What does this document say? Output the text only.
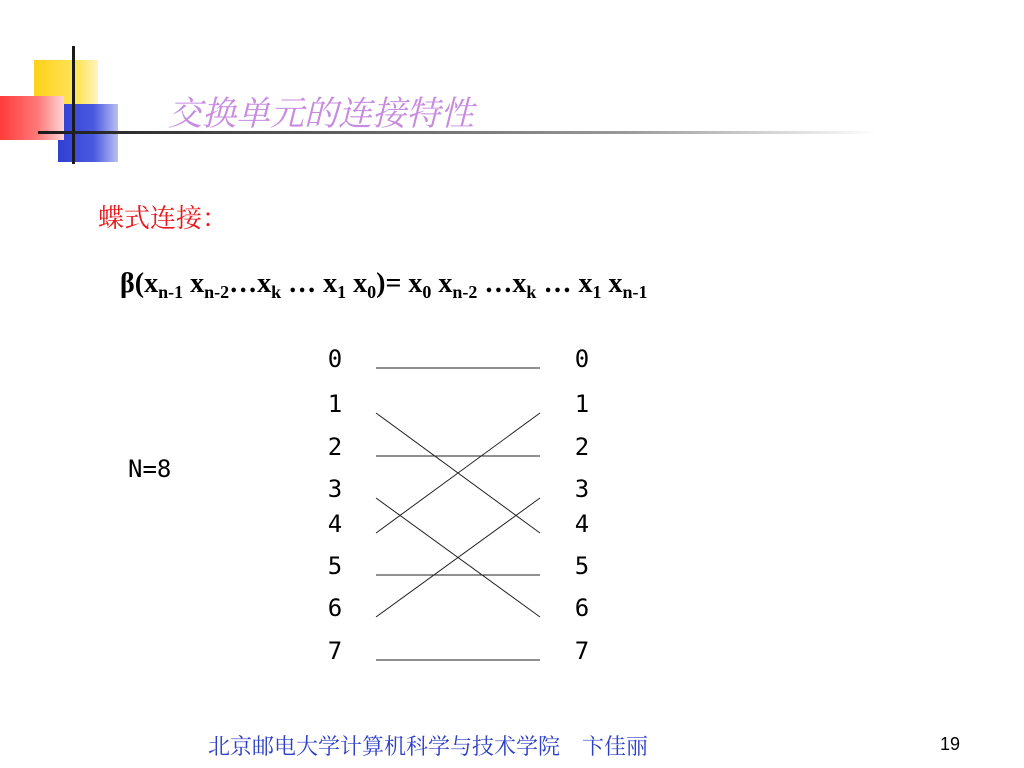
交换单元的连接特性
蝶式连接：
$\beta(x_{n-1}$ $x_{n-2}\dots x_k$ … $x_1$ $x_0)= x_0$ $x_{n-2}$ $\dots x_k$ … $x_1$ $x_{n-1}$
N=8
0
1
2
3
4
5
6
7
0
1
2
3
4
5
6
7
北京邮电大学计算机科学与技术学院　卞佳丽	19
